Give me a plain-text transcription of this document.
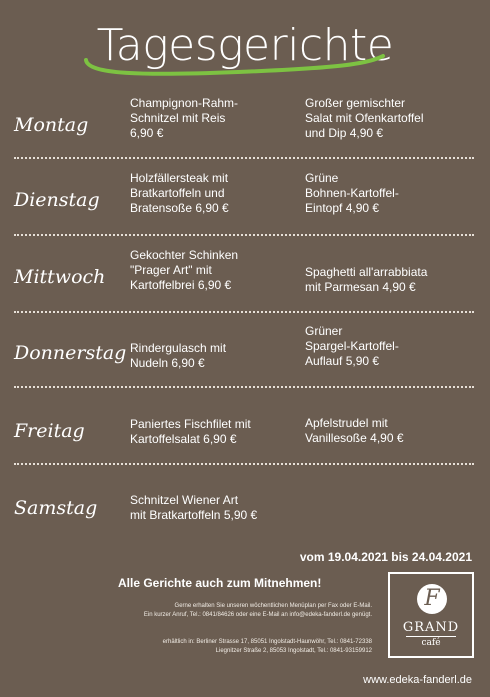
Tagesgerichte
Montag
Champignon-Rahm-
Schnitzel mit Reis
6,90 €
Großer gemischter
Salat mit Ofenkartoffel
und Dip 4,90 €
Dienstag
Holzfällersteak mit
Bratkartoffeln und
Bratensoße 6,90 €
Grüne
Bohnen-Kartoffel-
Eintopf 4,90 €
Mittwoch
Gekochter Schinken
"Prager Art" mit
Kartoffelbrei 6,90 €
Spaghetti all'arrabbiata
mit Parmesan 4,90 €
Donnerstag Rindergulasch mit
Nudeln 6,90 €
Grüner
Spargel-Kartoffel-
Auflauf 5,90 €
Freitag	Paniertes Fischfilet mit
Kartoffelsalat 6,90 €
Apfelstrudel mit
Vanillesoße 4,90 €
Samstag	Schnitzel Wiener Art
mit Bratkartoffeln 5,90 €
vom 19.04.2021 bis 24.04.2021
Alle Gerichte auch zum Mitnehmen!
Gerne erhalten Sie unseren wöchentlichen Menüplan per Fax oder E-Mail.
Ein kurzer Anruf, Tel.: 0841/84626 oder eine E-Mail an info@edeka-fanderl.de genügt.
erhältlich in: Berliner Strasse 17, 85051 Ingolstadt-Haunwöhr, Tel.: 0841-72338
Liegnitzer Straße 2, 85053 Ingolstadt, Tel.: 0841-93159912
F
GRAND
café
www.edeka-fanderl.de
